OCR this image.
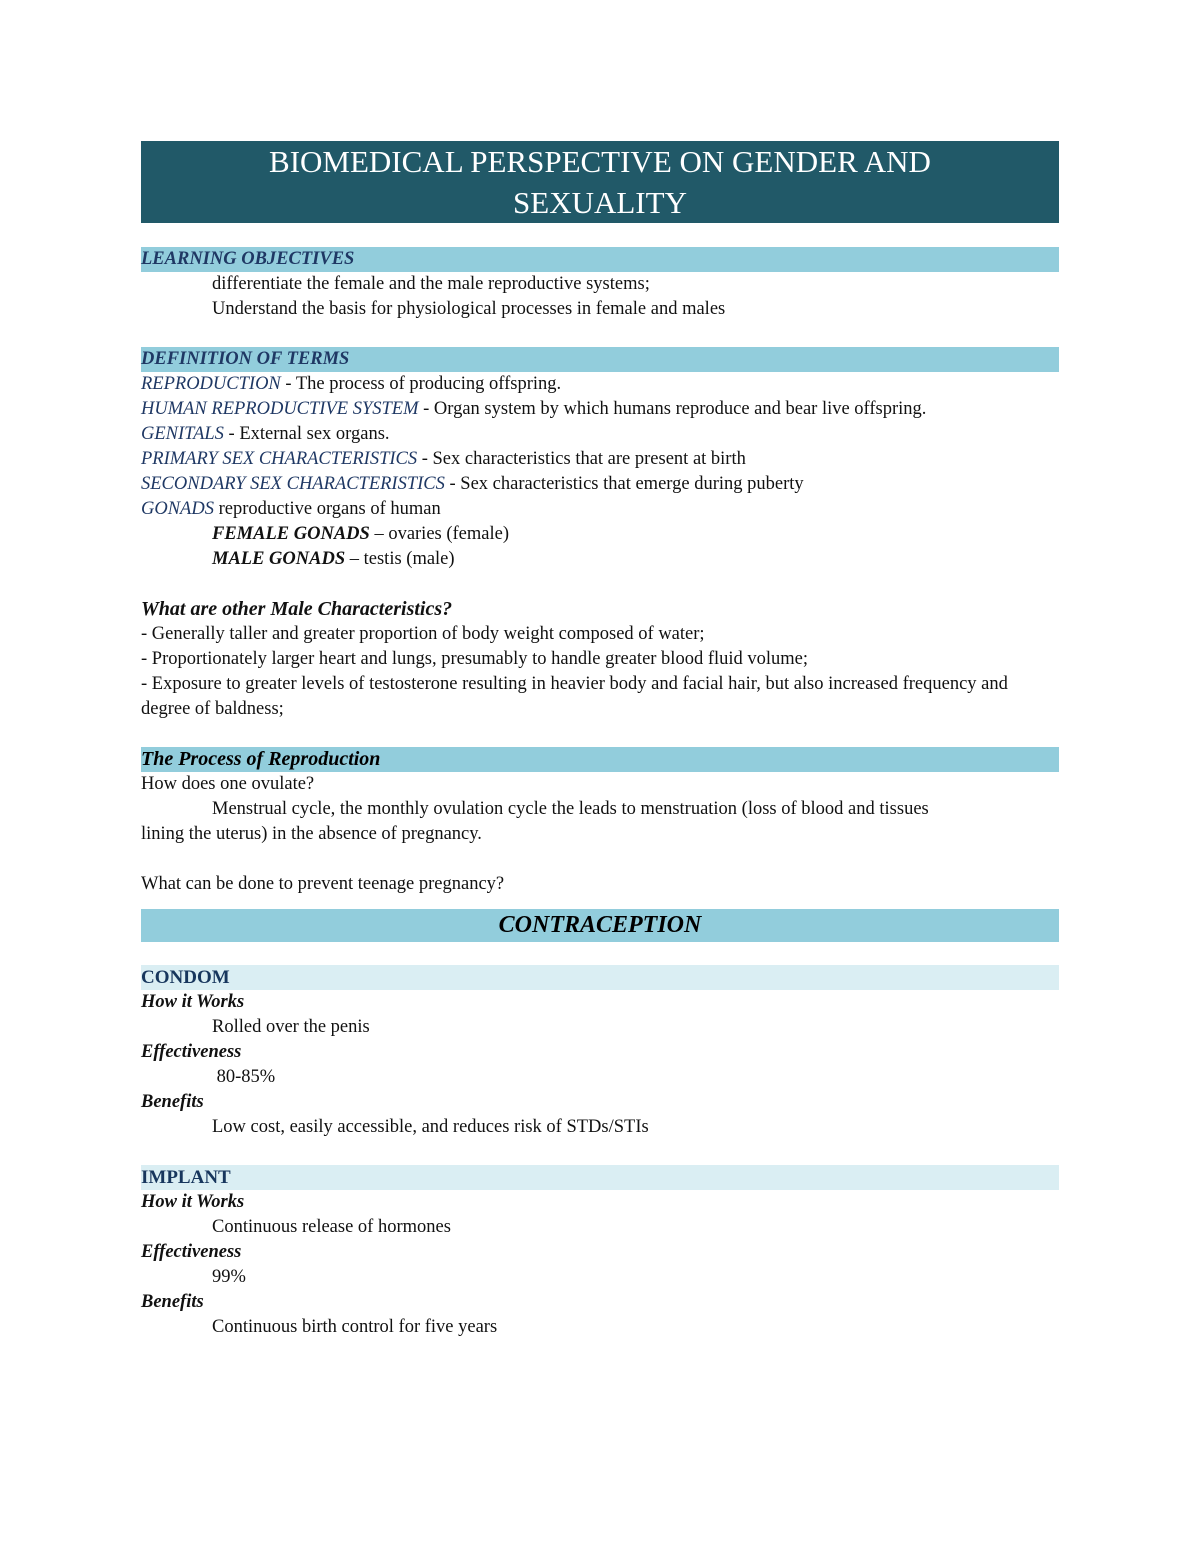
BIOMEDICAL PERSPECTIVE ON GENDER AND
SEXUALITY
LEARNING OBJECTIVES
differentiate the female and the male reproductive systems;
Understand the basis for physiological processes in female and males
DEFINITION OF TERMS
REPRODUCTION - The process of producing offspring.
HUMAN REPRODUCTIVE SYSTEM - Organ system by which humans reproduce and bear live offspring.
GENITALS - External sex organs.
PRIMARY SEX CHARACTERISTICS - Sex characteristics that are present at birth
SECONDARY SEX CHARACTERISTICS - Sex characteristics that emerge during puberty
GONADS reproductive organs of human
FEMALE GONADS – ovaries (female)
MALE GONADS – testis (male)
What are other Male Characteristics?
- Generally taller and greater proportion of body weight composed of water;
- Proportionately larger heart and lungs, presumably to handle greater blood fluid volume;
- Exposure to greater levels of testosterone resulting in heavier body and facial hair, but also increased frequency and degree of baldness;
The Process of Reproduction
How does one ovulate?
Menstrual cycle, the monthly ovulation cycle the leads to menstruation (loss of blood and tissues
lining the uterus) in the absence of pregnancy.
What can be done to prevent teenage pregnancy?
CONTRACEPTION
CONDOM
How it Works
Rolled over the penis
Effectiveness
80-85%
Benefits
Low cost, easily accessible, and reduces risk of STDs/STIs
IMPLANT
How it Works
Continuous release of hormones
Effectiveness
99%
Benefits
Continuous birth control for five years
